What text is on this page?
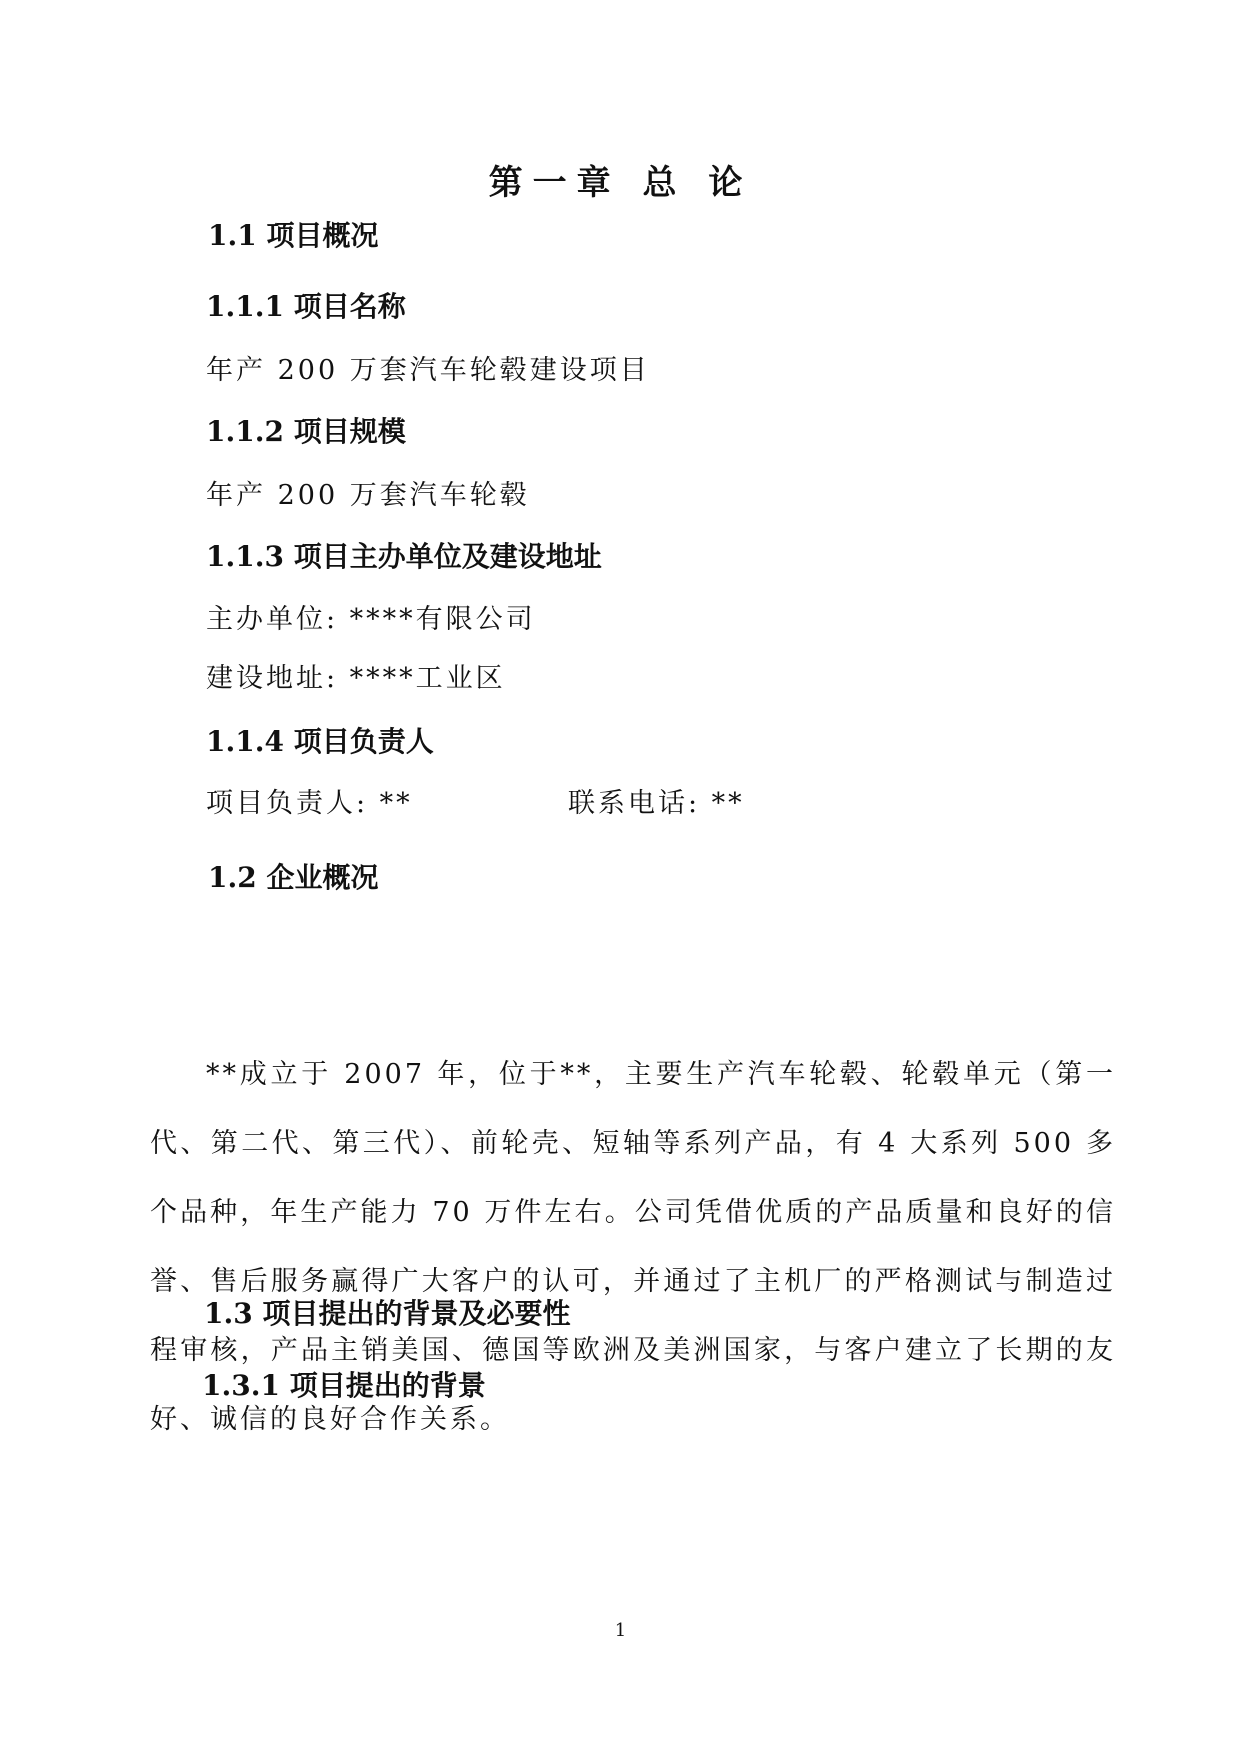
第一章 总 论
1.1 项目概况
1.1.1 项目名称
年产 200 万套汽车轮毂建设项目
1.1.2 项目规模
年产 200 万套汽车轮毂
1.1.3 项目主办单位及建设地址
主办单位: ****有限公司
建设地址: ****工业区
1.1.4 项目负责人
项目负责人: **	联系电话: **
1.2 企业概况

**成立于 2007 年，位于**，主要生产汽车轮毂、轮毂单元（第一代、第二代、第三代）、前轮壳、短轴等系列产品，有 4 大系列 500 多个品种，年生产能力 70 万件左右。公司凭借优质的产品质量和良好的信誉、售后服务赢得广大客户的认可，并通过了主机厂的严格测试与制造过程审核，产品主销美国、德国等欧洲及美洲国家，与客户建立了长期的友好、诚信的良好合作关系。

1.3 项目提出的背景及必要性
1.3.1 项目提出的背景
1
